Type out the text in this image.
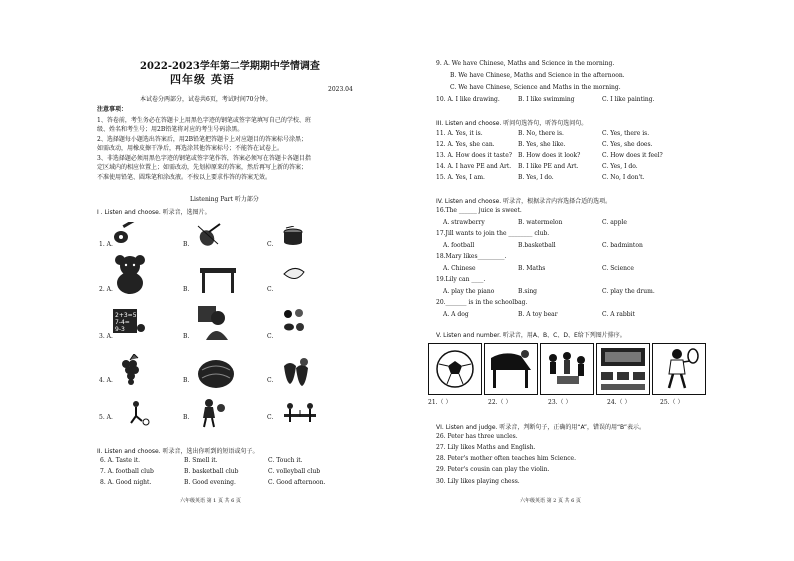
2022-2023学年第二学期期中学情调查
四年级 英语
2023.04
本试卷分两部分，试卷共6页，考试时间70分钟。
注意事项：
1、答卷前，考生务必在答题卡上用黑色字迹的钢笔或签字笔填写自己的学校、班
级、姓名和考生号；用2B铅笔将对应的考生号码涂黑。
2、选择题每小题选出答案后，用2B铅笔把答题卡上对应题目的答案标号涂黑；
如需改动，用橡皮擦干净后，再选涂其他答案标号；不能答在试卷上。
3、非选择题必须用黑色字迹的钢笔或签字笔作答，答案必须写在答题卡各题目指
定区域内的相应位置上；如需改动，先划掉原来的答案，然后再写上新的答案；
不准使用铅笔、圆珠笔和涂改液。不按以上要求作答的答案无效。
Listening Part 听力部分
I . Listen and choose. 听录音，选图片。
1. A.	B.	C.
2. A.	B.	C.
3. A.	B.	C.
4. A.	B.	C.
5. A.	B.	C.
2+3=5
7-4=
9-3
II. Listen and choose. 听录音，选出你听到的短语或句子。
6. A. Taste it.	B. Smell it.	C. Touch it.
7. A. football club	B. basketball club	C. volleyball club
8. A. Good night.	B. Good evening.	C. Good afternoon.
六年级英语 第 1 页 共 6 页
9. A. We have Chinese, Maths and Science in the morning.
B. We have Chinese, Maths and Science in the afternoon.
C. We have Chinese, Science and Maths in the morning.
10. A. I like drawing.	B. I like swimming	C. I like painting.
III. Listen and choose. 听问句选答句，听答句选问句。
11. A. Yes, it is.	B. No, there is.	C. Yes, there is.
12. A. Yes, she can.	B. Yes, she like.	C. Yes, she does.
13. A. How does it taste? B. How does it look?	C. How does it feel?
14. A. I have PE and Art. B. I like PE and Art.	C. Yes, I do.
15. A. Yes, I am.	B. Yes, I do.	C. No, I don't.
IV. Listen and choose. 听录音，根据录音内容选择合适的选项。
16.The ______ juice is sweet.
A. strawberry	B. watermelon	C. apple
17.Jill wants to join the ________ club.
A. football	B.basketball	C. badminton
18.Mary likes_________.
A. Chinese	B. Maths	C. Science
19.Lily can ____.
A. play the piano	B.sing	C. play the drum.
20._______ is in the schoolbag.
A. A dog	B. A toy bear	C. A rabbit
V. Listen and number. 听录音，用A、B、C、D、E给下列图片排序。
21.（ ）	22.（ ）	23.（ ）	24.（ ）	25.（ ）
VI. Listen and judge. 听录音，判断句子，正确的用“A”，错误的用“B”表示。
26. Peter has three uncles.
27. Lily likes Maths and English.
28. Peter's mother often teaches him Science.
29. Peter's cousin can play the violin.
30. Lily likes playing chess.
六年级英语 第 2 页 共 6 页
